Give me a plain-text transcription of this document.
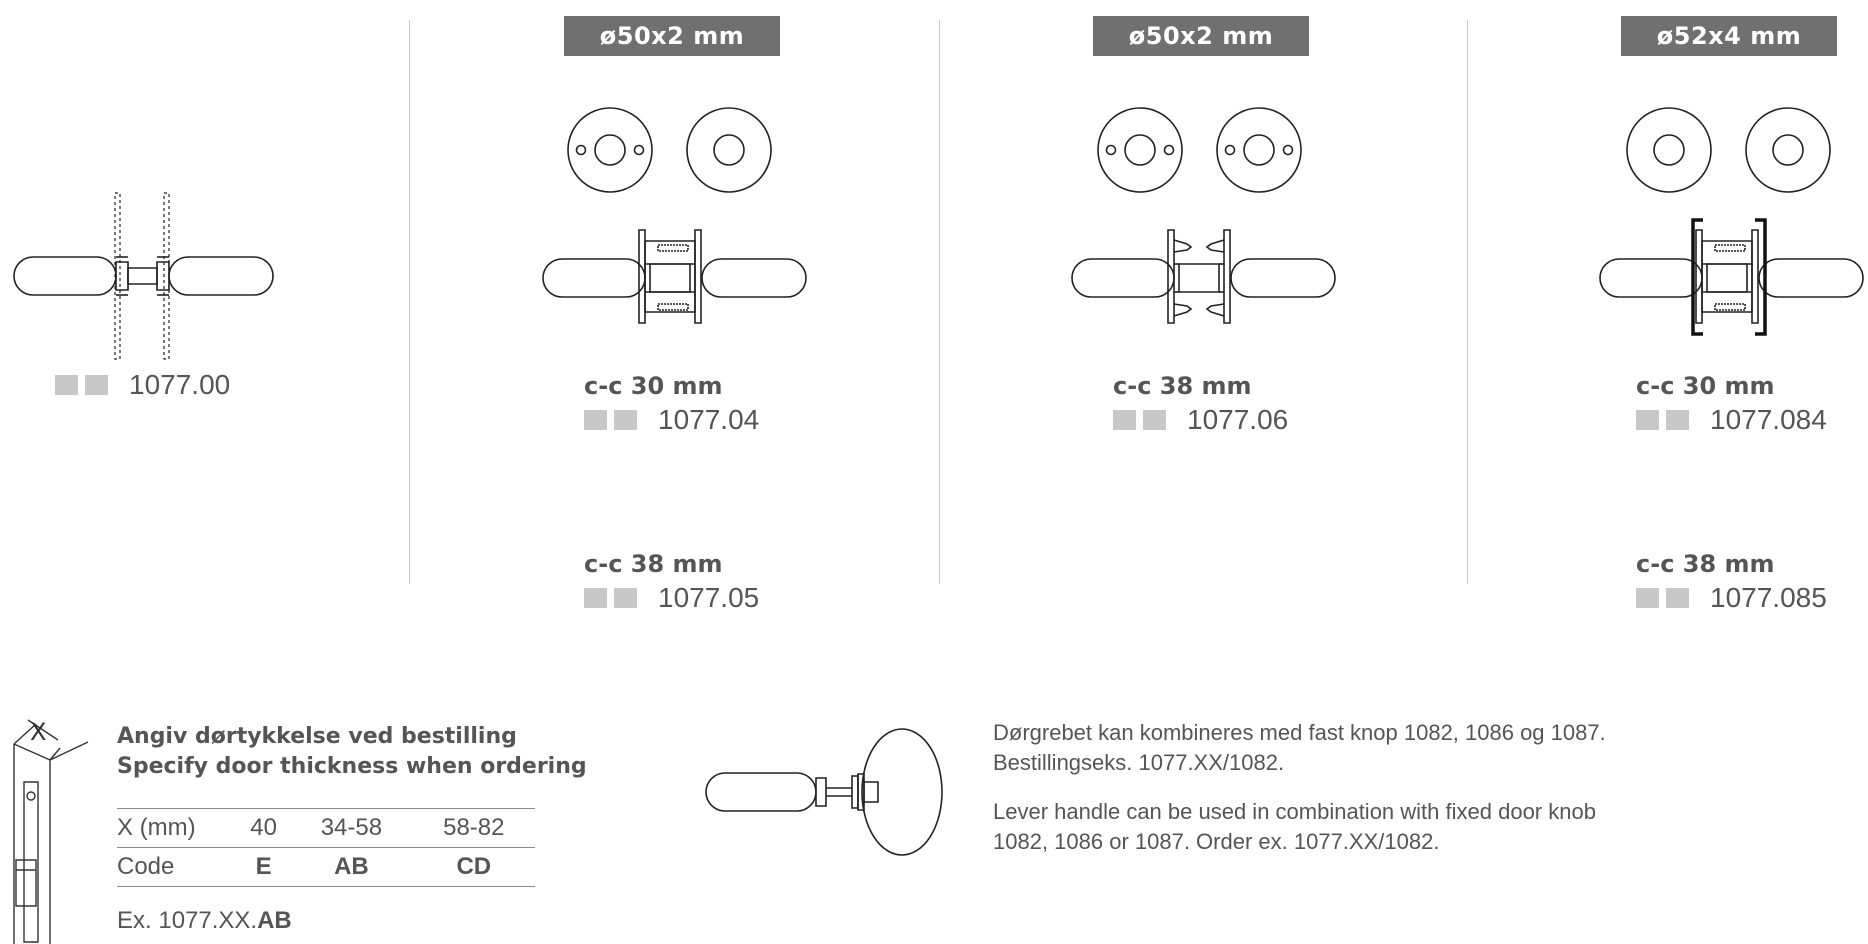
1077.00
ø50x2 mm
c-c 30 mm
1077.04
c-c 38 mm
1077.05
ø50x2 mm
c-c 38 mm
1077.06
ø52x4 mm
c-c 30 mm
1077.084
c-c 38 mm
1077.085
X	Angiv dørtykkelse ved bestilling
Specify door thickness when ordering
X (mm)	40	34-58	58-82
Code	E	AB	CD
Ex. 1077.XX.AB
Dørgrebet kan kombineres med fast knop 1082, 1086 og 1087. Bestillingseks. 1077.XX/1082.
Lever handle can be used in combination with fixed door knob 1082, 1086 or 1087. Order ex. 1077.XX/1082.
